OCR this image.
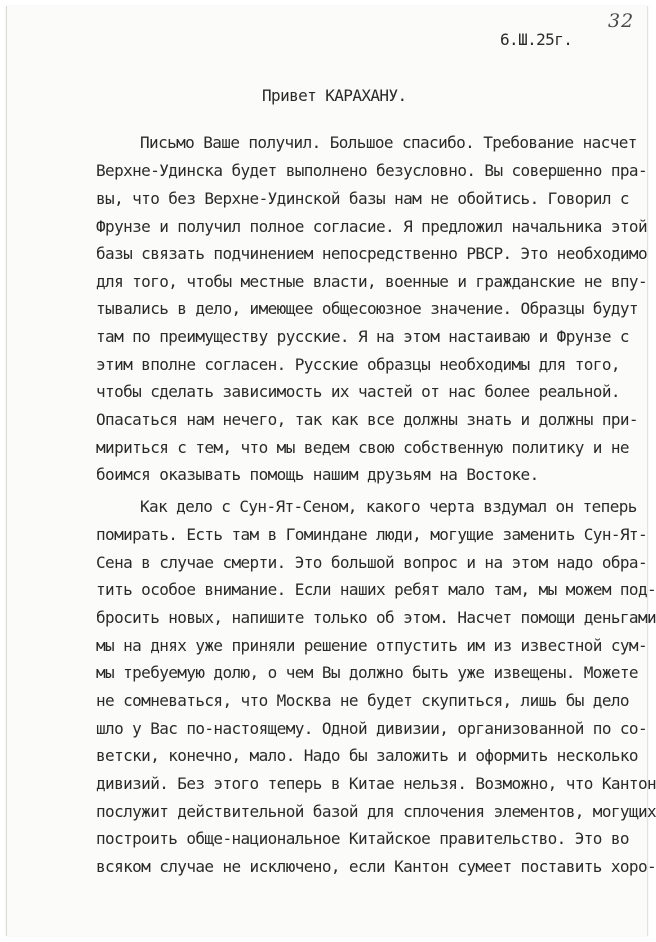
32
6.Ш.25г.
Привет КАРАХАНУ.
Письмо Ваше получил. Большое спасибо. Требование насчет
Верхне-Удинска будет выполнено безусловно. Вы совершенно пра-
вы, что без Верхне-Удинской базы нам не обойтись. Говорил с
Фрунзе и получил полное согласие. Я предложил начальника этой
базы связать подчинением непосредственно РВСР. Это необходимо
для того, чтобы местные власти, военные и гражданские не впу-
тывались в дело, имеющее общесоюзное значение. Образцы будут
там по преимуществу русские. Я на этом настаиваю и Фрунзе с
этим вполне согласен. Русские образцы необходимы для того,
чтобы сделать зависимость их частей от нас более реальной.
Опасаться нам нечего, так как все должны знать и должны при-
мириться с тем, что мы ведем свою собственную политику и не
боимся оказывать помощь нашим друзьям на Востоке.
Как дело с Сун-Ят-Сеном, какого черта вздумал он теперь
помирать. Есть там в Гоминдане люди, могущие заменить Сун-Ят-
Сена в случае смерти. Это большой вопрос и на этом надо обра-
тить особое внимание. Если наших ребят мало там, мы можем под-
бросить новых, напишите только об этом. Насчет помощи деньгами
мы на днях уже приняли решение отпустить им из известной сум-
мы требуемую долю, о чем Вы должно быть уже извещены. Можете
не сомневаться, что Москва не будет скупиться, лишь бы дело
шло у Вас по-настоящему. Одной дивизии, организованной по со-
ветски, конечно, мало. Надо бы заложить и оформить несколько
дивизий. Без этого теперь в Китае нельзя. Возможно, что Кантон
послужит действительной базой для сплочения элементов, могущих
построить обще-национальное Китайское правительство. Это во
всяком случае не исключено, если Кантон сумеет поставить хоро-
